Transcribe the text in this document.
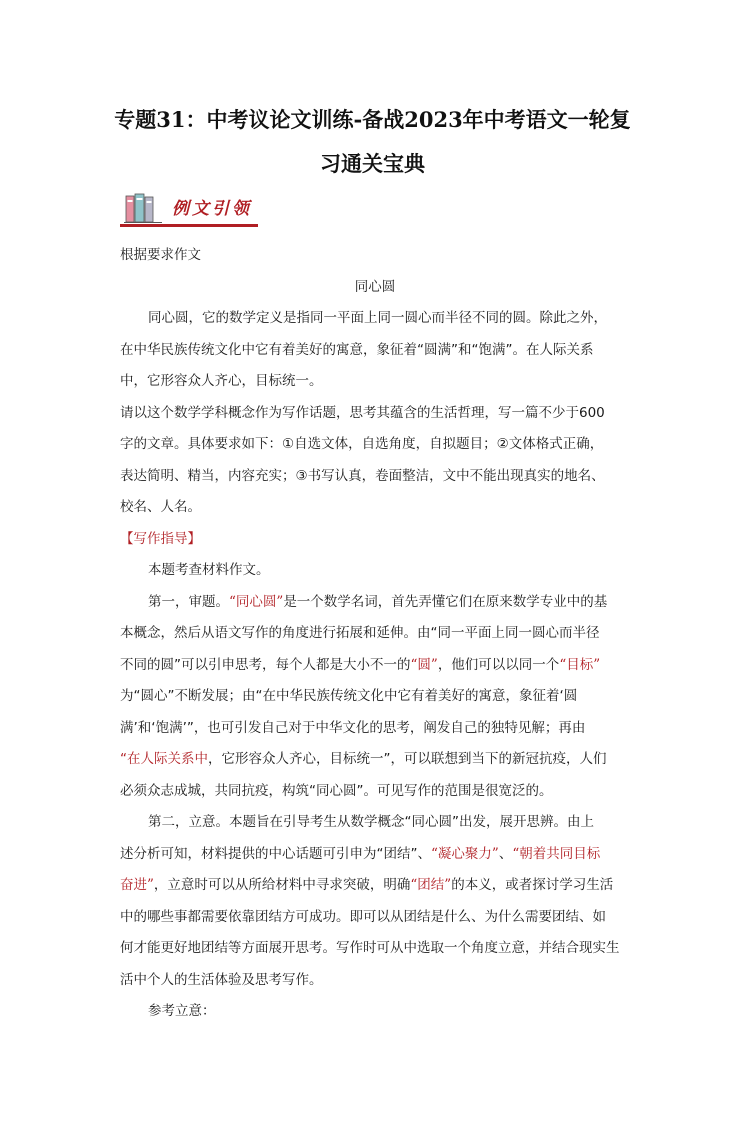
专题31：中考议论文训练-备战2023年中考语文一轮复
习通关宝典
例文引领
根据要求作文
同心圆
同心圆，它的数学定义是指同一平面上同一圆心而半径不同的圆。除此之外，
在中华民族传统文化中它有着美好的寓意，象征着“圆满”和“饱满”。在人际关系
中，它形容众人齐心，目标统一。
请以这个数学学科概念作为写作话题，思考其蕴含的生活哲理，写一篇不少于600
字的文章。具体要求如下：①自选文体，自选角度，自拟题目；②文体格式正确，
表达简明、精当，内容充实；③书写认真，卷面整洁，文中不能出现真实的地名、
校名、人名。
【写作指导】
本题考查材料作文。
第一，审题。“同心圆”是一个数学名词，首先弄懂它们在原来数学专业中的基
本概念，然后从语文写作的角度进行拓展和延伸。由“同一平面上同一圆心而半径
不同的圆”可以引申思考，每个人都是大小不一的“圆”，他们可以以同一个“目标”
为“圆心”不断发展；由“在中华民族传统文化中它有着美好的寓意，象征着‘圆
满’和‘饱满’”，也可引发自己对于中华文化的思考，阐发自己的独特见解；再由
“在人际关系中，它形容众人齐心，目标统一”，可以联想到当下的新冠抗疫，人们
必须众志成城，共同抗疫，构筑“同心圆”。可见写作的范围是很宽泛的。
第二，立意。本题旨在引导考生从数学概念“同心圆”出发，展开思辨。由上
述分析可知，材料提供的中心话题可引申为“团结”、“凝心聚力”、“朝着共同目标
奋进”，立意时可以从所给材料中寻求突破，明确“团结”的本义，或者探讨学习生活
中的哪些事都需要依靠团结方可成功。即可以从团结是什么、为什么需要团结、如
何才能更好地团结等方面展开思考。写作时可从中选取一个角度立意，并结合现实生
活中个人的生活体验及思考写作。
参考立意：
